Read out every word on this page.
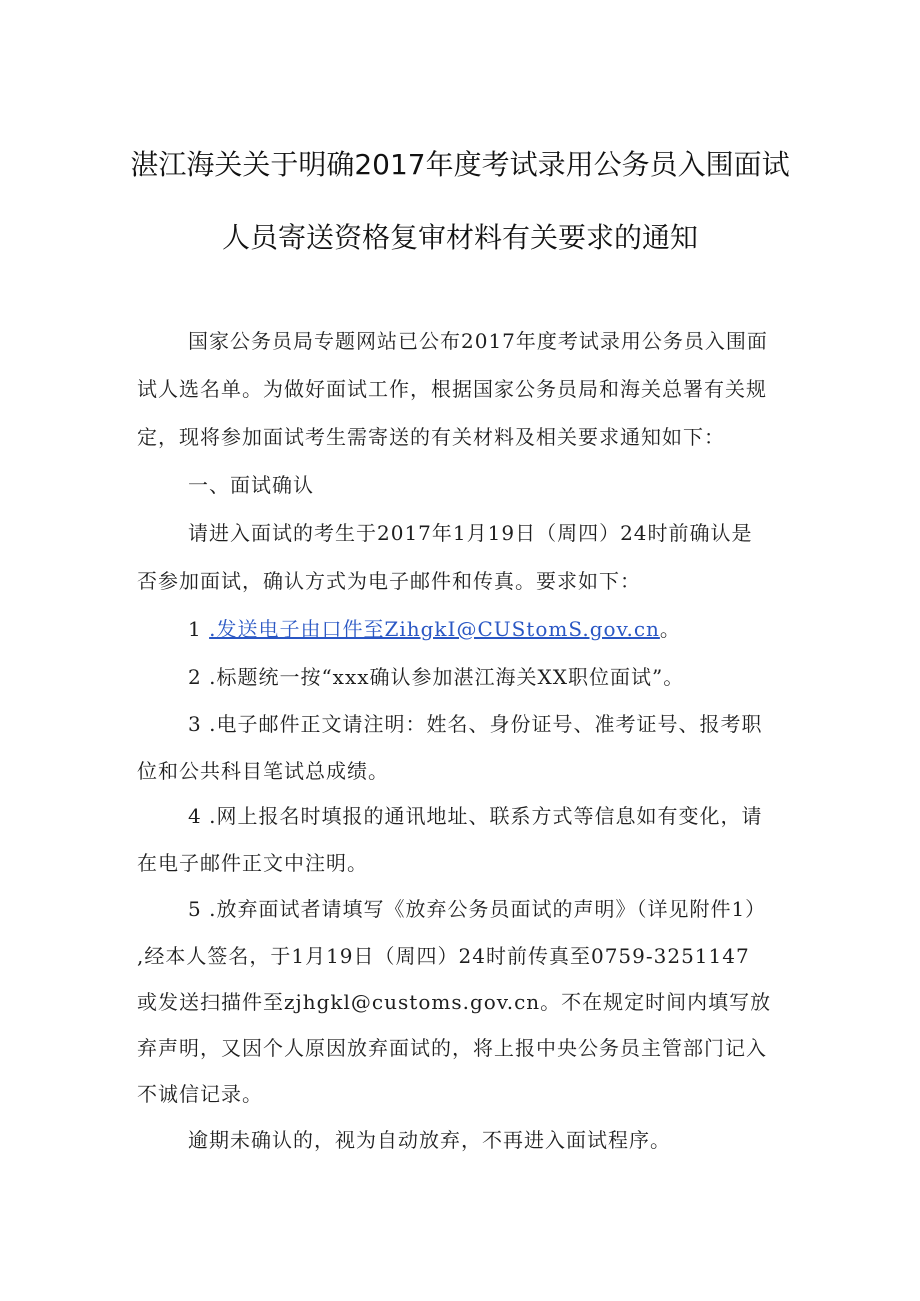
湛江海关关于明确2017年度考试录用公务员入围面试
人员寄送资格复审材料有关要求的通知
国家公务员局专题网站已公布2017年度考试录用公务员入围面
试人选名单。为做好面试工作，根据国家公务员局和海关总署有关规
定，现将参加面试考生需寄送的有关材料及相关要求通知如下：
一、面试确认
请进入面试的考生于2017年1月19日（周四）24时前确认是
否参加面试，确认方式为电子邮件和传真。要求如下：
1 .发送电子由口件至ZihgkI@CUStomS.gov.cn。
2 .标题统一按“xxx确认参加湛江海关XX职位面试”。
3 .电子邮件正文请注明：姓名、身份证号、准考证号、报考职
位和公共科目笔试总成绩。
4 .网上报名时填报的通讯地址、联系方式等信息如有变化，请
在电子邮件正文中注明。
5 .放弃面试者请填写《放弃公务员面试的声明》（详见附件1）
,经本人签名，于1月19日（周四）24时前传真至0759-3251147
或发送扫描件至zjhgkl@customs.gov.cn。不在规定时间内填写放
弃声明，又因个人原因放弃面试的，将上报中央公务员主管部门记入
不诚信记录。
逾期未确认的，视为自动放弃，不再进入面试程序。
